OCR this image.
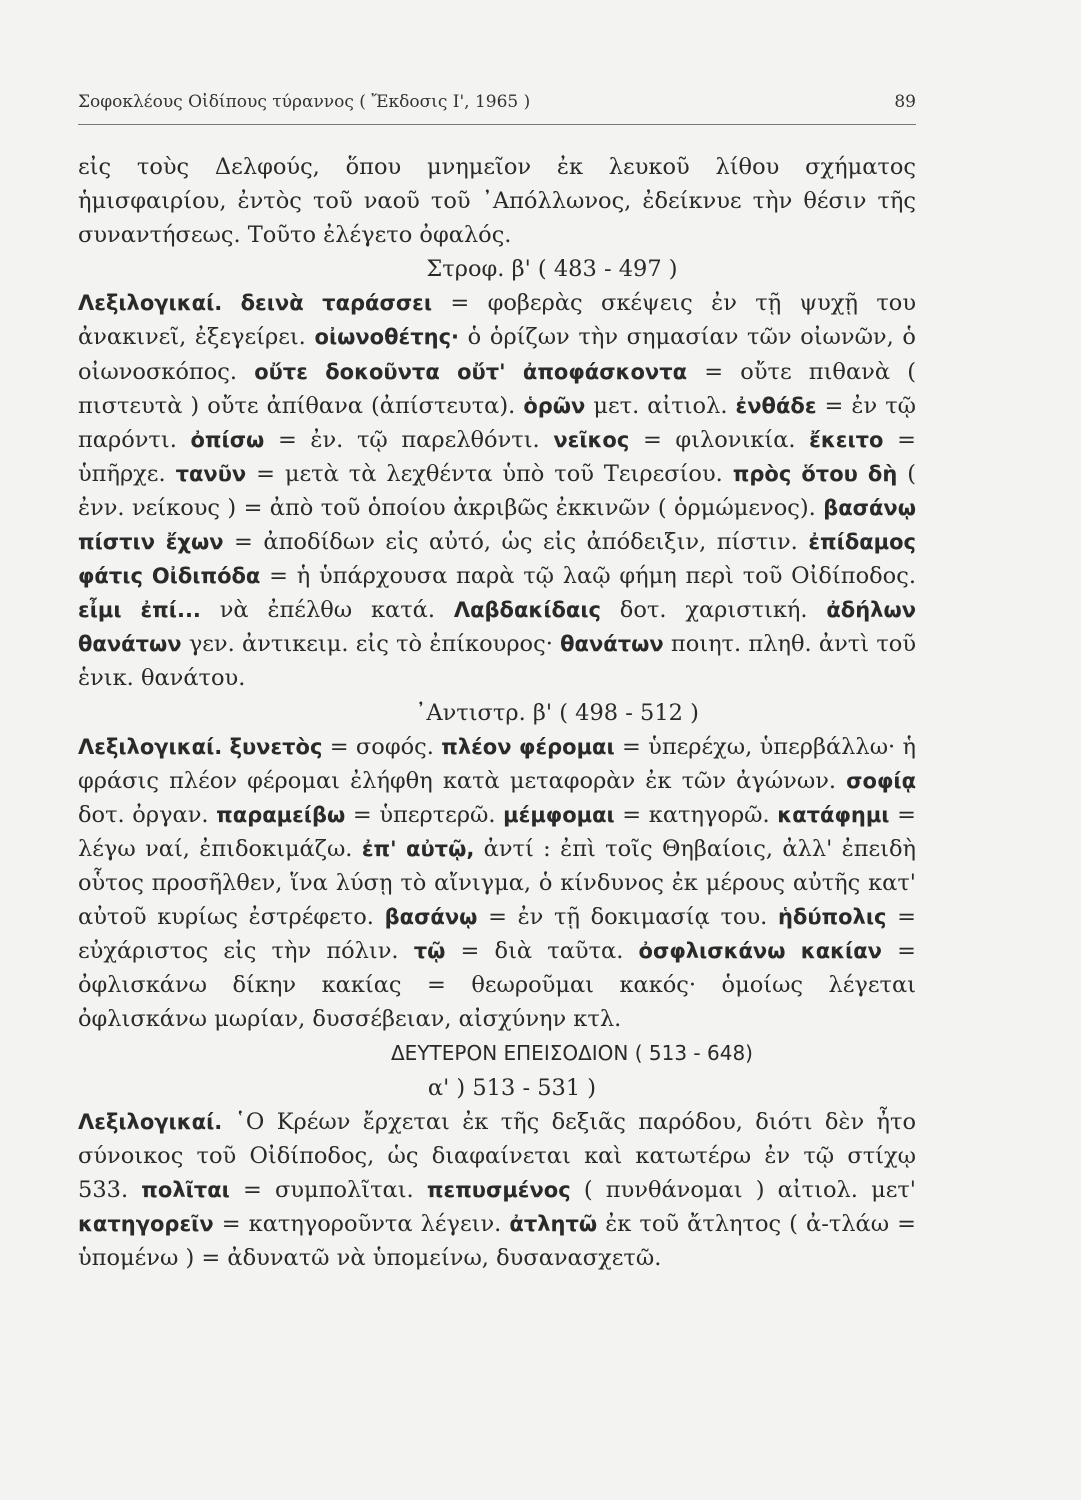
Σοφοκλέους Οἰδίπους τύραννος ( Ἔκδοσις Ι', 1965 )	89

εἰς τοὺς Δελφούς, ὅπου μνημεῖον ἐκ λευκοῦ λίθου σχήματος ἡμισφαιρίου, ἐντὸς τοῦ ναοῦ τοῦ ᾿Απόλλωνος, ἐδείκνυε τὴν θέσιν τῆς συναντήσεως. Τοῦτο ἐλέγετο ὀφαλός.

Στροφ. β' ( 483 - 497 )

Λεξιλογικαί. δεινὰ ταράσσει = φοβερὰς σκέψεις ἐν τῇ ψυχῇ του ἀνακινεῖ, ἐξεγείρει. οἰωνοθέτης· ὁ ὁρίζων τὴν σημασίαν τῶν οἰωνῶν, ὁ οἰωνοσκόπος. οὔτε δοκοῦντα οὔτ' ἀποφάσκοντα = οὔτε πιθανὰ ( πιστευτὰ ) οὔτε ἀπίθανα (ἀπίστευτα). ὁρῶν μετ. αἰτιολ. ἐνθάδε = ἐν τῷ παρόντι. ὀπίσω = ἐν. τῷ παρελθόντι. νεῖκος = φιλονικία. ἔκειτο = ὑπῆρχε. τανῦν = μετὰ τὰ λεχθέντα ὑπὸ τοῦ Τειρεσίου. πρὸς ὅτου δὴ ( ἐνν. νείκους ) = ἀπὸ τοῦ ὁποίου ἀκριβῶς ἐκκινῶν ( ὁρμώμενος). βασάνῳ πίστιν ἔχων = ἀποδίδων εἰς αὐτό, ὡς εἰς ἀπόδειξιν, πίστιν. ἐπίδαμος φάτις Οἰδιπόδα = ἡ ὑπάρχουσα παρὰ τῷ λαῷ φήμη περὶ τοῦ Οἰδίποδος. εἶμι ἐπί... νὰ ἐπέλθω κατά. Λαβδακίδαις δοτ. χαριστική. ἀδήλων θανάτων γεν. ἀντικειμ. εἰς τὸ ἐπίκουρος· θανάτων ποιητ. πληθ. ἀντὶ τοῦ ἑνικ. θανάτου.

᾿Αντιστρ. β' ( 498 - 512 )

Λεξιλογικαί. ξυνετὸς = σοφός. πλέον φέρομαι = ὑπερέχω, ὑπερβάλλω· ἡ φράσις πλέον φέρομαι ἐλήφθη κατὰ μεταφορὰν ἐκ τῶν ἀγώνων. σοφίᾳ δοτ. ὀργαν. παραμείβω = ὑπερτερῶ. μέμφομαι = κατηγορῶ. κατάφημι = λέγω ναί, ἐπιδοκιμάζω. ἐπ' αὐτῷ, ἀντί : ἐπὶ τοῖς Θηβαίοις, ἀλλ' ἐπειδὴ οὗτος προσῆλθεν, ἵνα λύσῃ τὸ αἴνιγμα, ὁ κίνδυνος ἐκ μέρους αὐτῆς κατ' αὐτοῦ κυρίως ἐστρέφετο. βασάνῳ = ἐν τῇ δοκιμασίᾳ του. ἡδύπολις = εὐχάριστος εἰς τὴν πόλιν. τῷ = διὰ ταῦτα. ὀσφλισκάνω κακίαν = ὀφλισκάνω δίκην κακίας = θεωροῦμαι κακός· ὁμοίως λέγεται ὀφλισκάνω μωρίαν, δυσσέβειαν, αἰσχύνην κτλ.

ΔΕΥΤΕΡΟΝ ΕΠΕΙΣΟΔΙΟΝ ( 513 - 648)

α' ) 513 - 531 )

Λεξιλογικαί. ῾Ο Κρέων ἔρχεται ἐκ τῆς δεξιᾶς παρόδου, διότι δὲν ἦτο σύνοικος τοῦ Οἰδίποδος, ὡς διαφαίνεται καὶ κατωτέρω ἐν τῷ στίχῳ 533. πολῖται = συμπολῖται. πεπυσμένος ( πυνθάνομαι ) αἰτιολ. μετ' κατηγορεῖν = κατηγοροῦντα λέγειν. ἀτλητῶ ἐκ τοῦ ἄτλητος ( ἀ-τλάω = ὑπομένω ) = ἀδυνατῶ νὰ ὑπομείνω, δυσανασχετῶ.
